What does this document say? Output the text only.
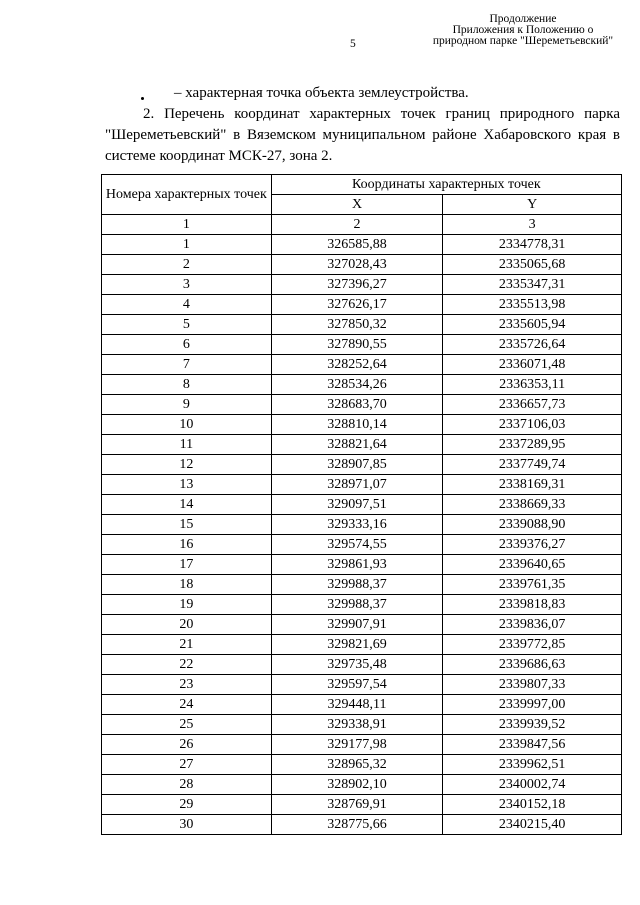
Продолжение
Приложения к Положению о
природном парке "Шереметьевский"
5
– характерная точка объекта землеустройства.
2. Перечень координат характерных точек границ природного парка "Шереметьевский" в Вяземском муниципальном районе Хабаровского края в системе координат МСК-27, зона 2.
Номера характерных точек	Координаты характерных точек	
	X	Y
1	2	3
1	326585,88	2334778,31
2	327028,43	2335065,68
3	327396,27	2335347,31
4	327626,17	2335513,98
5	327850,32	2335605,94
6	327890,55	2335726,64
7	328252,64	2336071,48
8	328534,26	2336353,11
9	328683,70	2336657,73
10	328810,14	2337106,03
11	328821,64	2337289,95
12	328907,85	2337749,74
13	328971,07	2338169,31
14	329097,51	2338669,33
15	329333,16	2339088,90
16	329574,55	2339376,27
17	329861,93	2339640,65
18	329988,37	2339761,35
19	329988,37	2339818,83
20	329907,91	2339836,07
21	329821,69	2339772,85
22	329735,48	2339686,63
23	329597,54	2339807,33
24	329448,11	2339997,00
25	329338,91	2339939,52
26	329177,98	2339847,56
27	328965,32	2339962,51
28	328902,10	2340002,74
29	328769,91	2340152,18
30	328775,66	2340215,40
